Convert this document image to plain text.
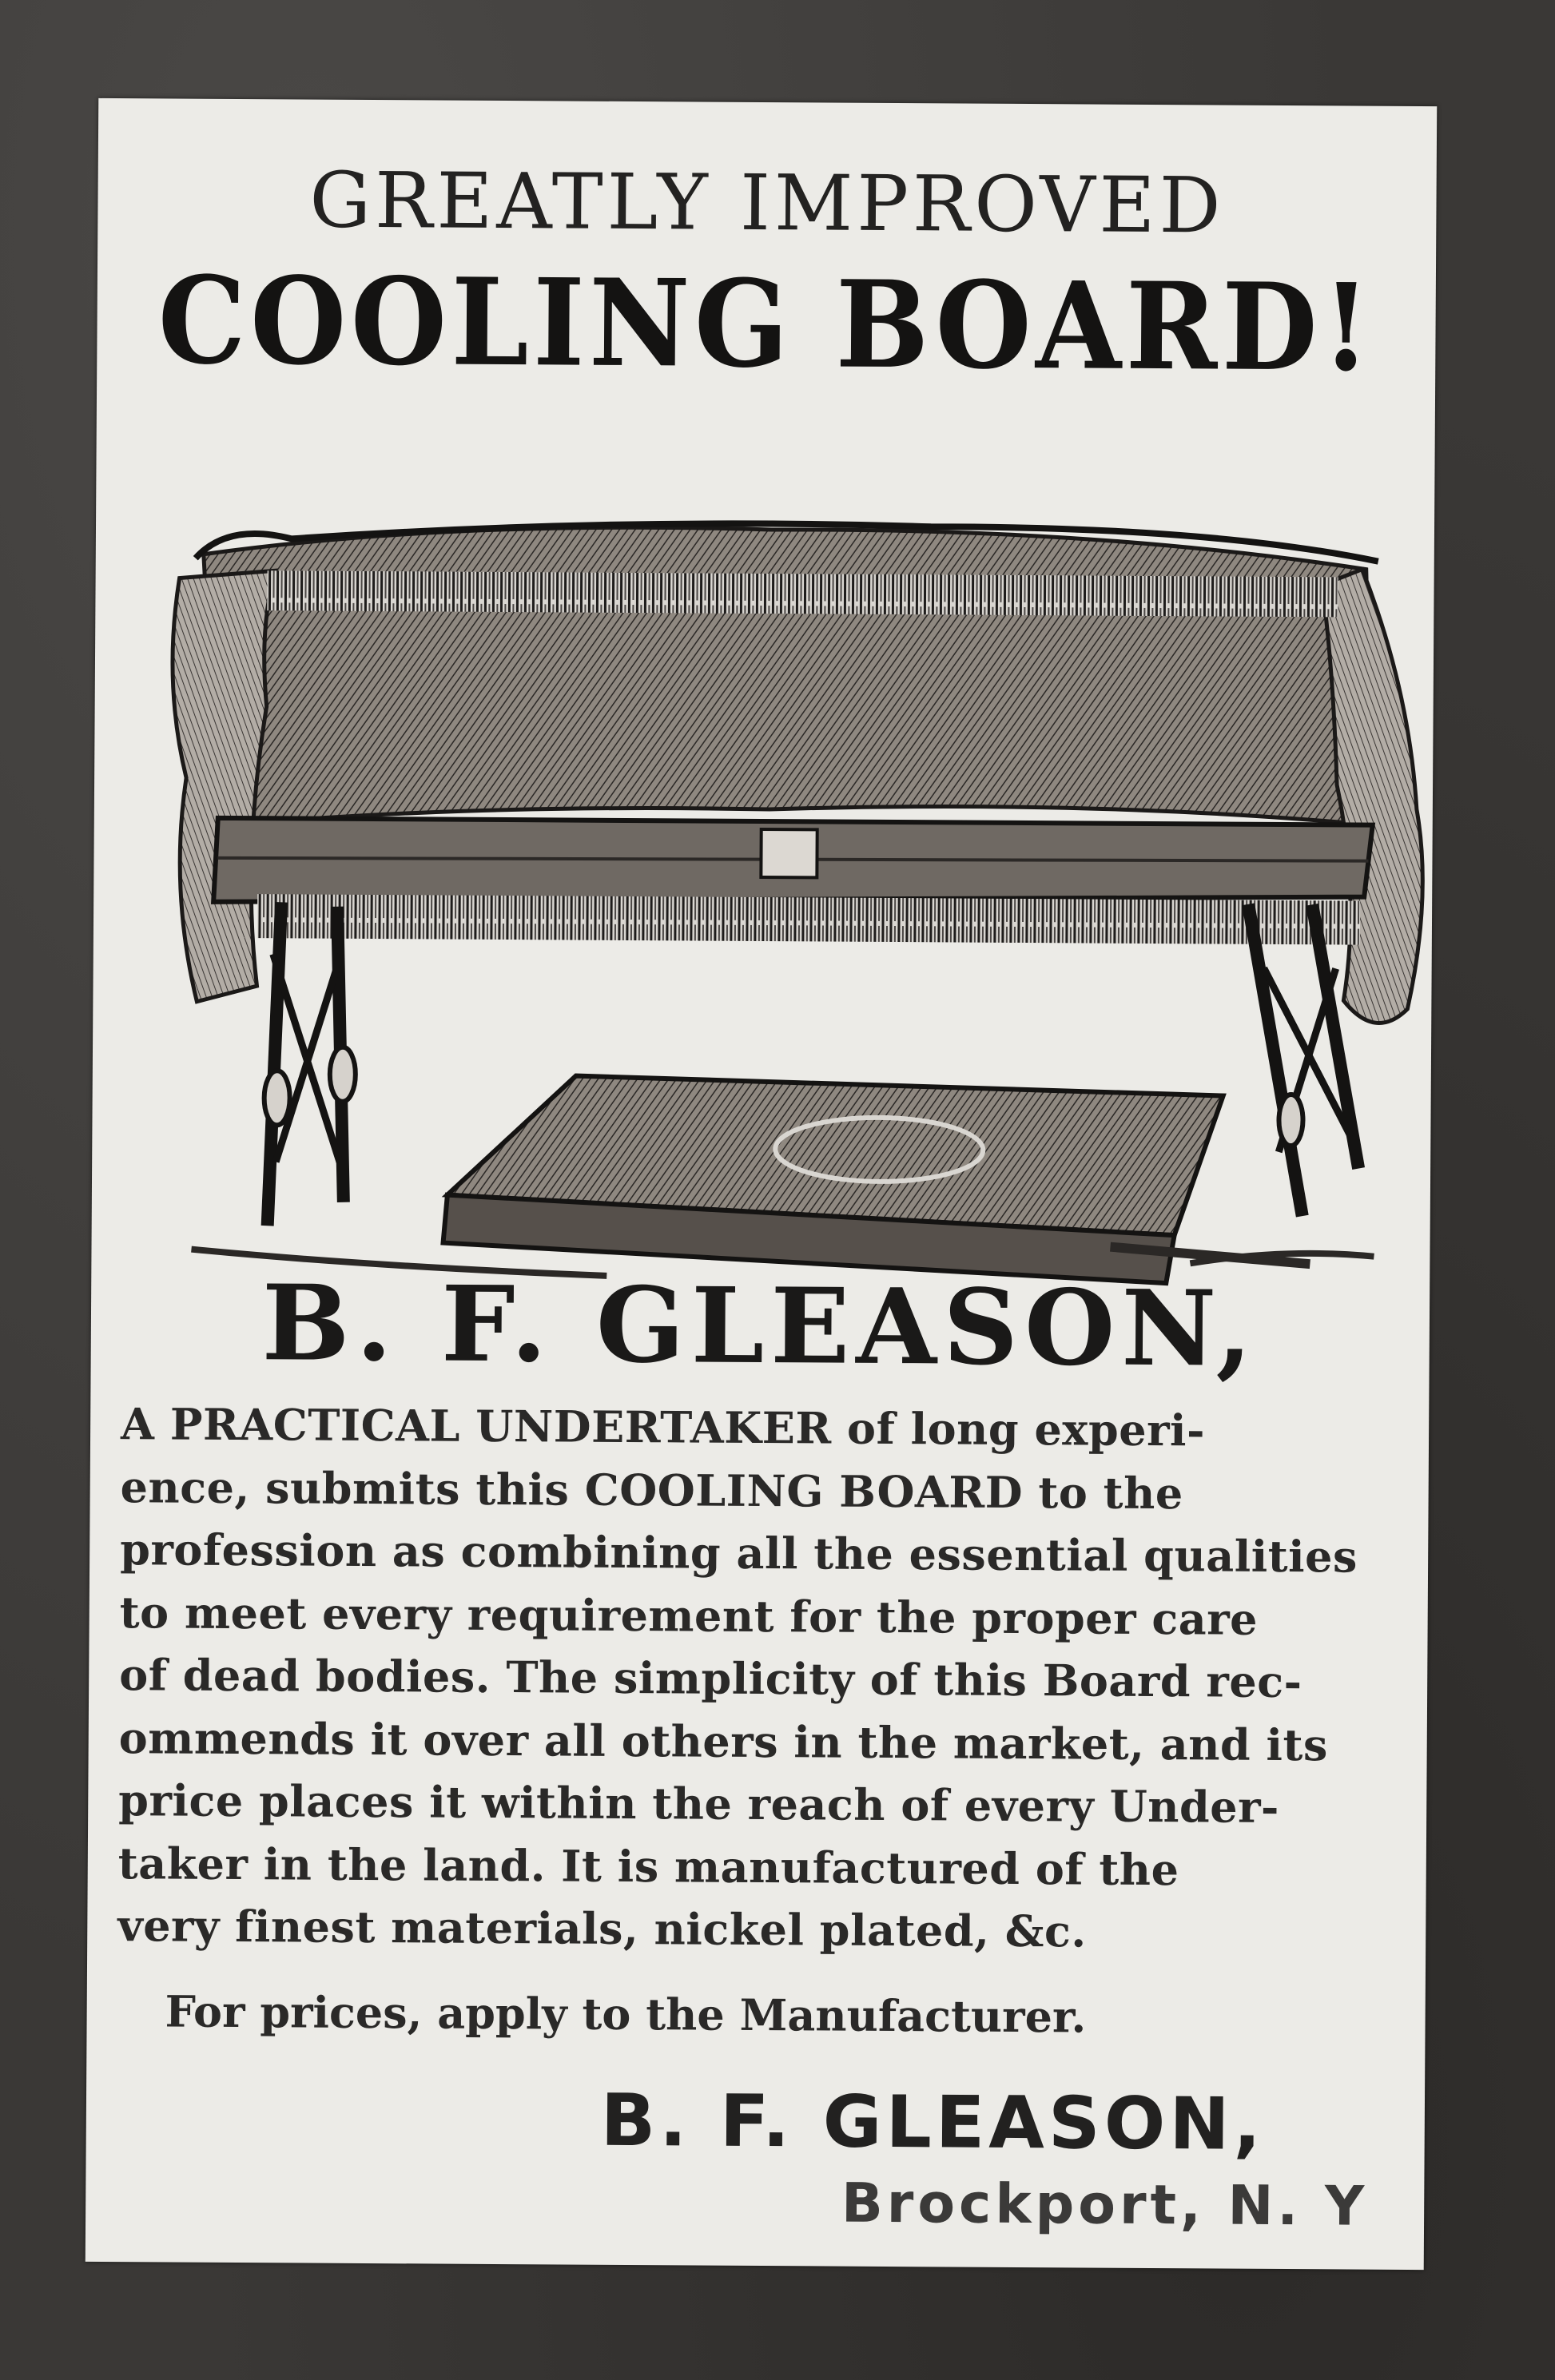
GREATLY IMPROVED
COOLING BOARD!
B. F. GLEASON,
A PRACTICAL UNDERTAKER of long experi-
ence, submits this COOLING BOARD to the
profession as combining all the essential qualities
to meet every requirement for the proper care
of dead bodies. The simplicity of this Board rec-
ommends it over all others in the market, and its
price places it within the reach of every Under-
taker in the land. It is manufactured of the
very finest materials, nickel plated, &c.

For prices, apply to the Manufacturer.

B. F. GLEASON,

Brockport, N. Y
